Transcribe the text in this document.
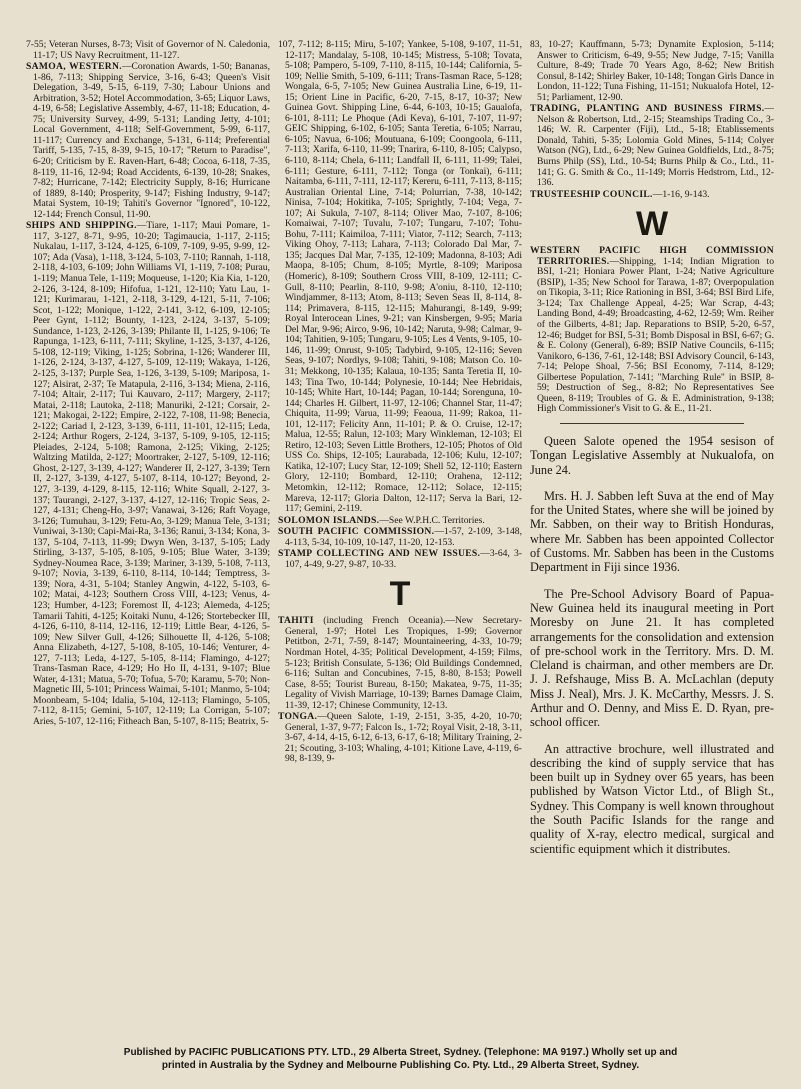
7-55; Veteran Nurses, 8-73; Visit of Governor of N. Caledonia, 11-17; US Navy Recruitment, 11-127.

SAMOA, WESTERN.—Coronation Awards, 1-50; Bananas, 1-86, 7-113; Shipping Service, 3-16, 6-43; Queen's Visit Delegation, 3-49, 5-15, 6-119, 7-30; Labour Unions and Arbitration, 3-52; Hotel Accommodation, 3-65; Liquor Laws, 4-19, 6-58; Legislative Assembly, 4-67, 11-18; Education, 4-75; University Survey, 4-99, 5-131; Landing Jetty, 4-101; Local Government, 4-118; Self-Government, 5-99, 6-117, 11-117; Currency and Exchange, 5-131, 6-114; Preferential Tariff, 5-135, 7-15, 8-39, 9-15, 10-17; "Return to Paradise", 6-20; Criticism by E. Raven-Hart, 6-48; Cocoa, 6-118, 7-35, 8-119, 11-16, 12-94; Road Accidents, 6-139, 10-28; Snakes, 7-82; Hurricane, 7-142; Electricity Supply, 8-16; Hurricane of 1889, 8-140; Prosperity, 9-147; Fishing Industry, 9-147; Matai System, 10-19; Tahiti's Governor "Ignored", 10-122, 12-144; French Consul, 11-90.

SHIPS AND SHIPPING.—Tiare, 1-117; Maui Pomare, 1-117, 3-127, 8-71, 9-95, 10-20; Tagimaucia, 1-117, 2-115; Nukalau, 1-117, 3-124, 4-125, 6-109, 7-109, 9-95, 9-99, 12-107; Ada (Vasa), 1-118, 3-124, 5-103, 7-110; Rannah, 1-118, 2-118, 4-103, 6-109; John Williams VI, 1-119, 7-108; Purau, 1-119; Manua Tele, 1-119; Moqueuse, 1-120; Kia Kia, 1-120, 2-126, 3-124, 8-109; Hifofua, 1-121, 12-110; Yatu Lau, 1-121; Kurimarau, 1-121, 2-118, 3-129, 4-121, 5-11, 7-106; Scot, 1-122; Monique, 1-122, 2-141, 3-12, 6-109, 12-105; Peer Gynt, 1-112; Bounty, 1-123, 2-124, 3-137, 5-109; Sundance, 1-123, 2-126, 3-139; Philante II, 1-125, 9-106; Te Rapunga, 1-123, 6-111, 7-111; Skyline, 1-125, 3-137, 4-126, 5-108, 12-119; Viking, 1-125; Sobrina, 1-126; Wanderer III, 1-126, 2-124, 3-137, 4-127, 5-109, 12-119; Wakaya, 1-126, 2-125, 3-137; Purple Sea, 1-126, 3-139, 5-109; Mariposa, 1-127; Alsirat, 2-37; Te Matapula, 2-116, 3-134; Miena, 2-116, 7-104; Altair, 2-117; Tui Kauvaro, 2-117; Margery, 2-117; Matai, 2-118; Lautoka, 2-118; Manuriki, 2-121; Corsair, 2-121; Makogai, 2-122; Empire, 2-122, 7-108, 11-98; Benecia, 2-122; Cariad I, 2-123, 3-139, 6-111, 11-101, 12-115; Leda, 2-124; Arthur Rogers, 2-124, 3-137, 5-109, 9-105, 12-115; Pleiades, 2-124, 5-108; Ramona, 2-125; Viking, 2-125; Waltzing Matilda, 2-127; Moortraker, 2-127, 5-109, 12-116; Ghost, 2-127, 3-139, 4-127; Wanderer II, 2-127, 3-139; Tern II, 2-127, 3-139, 4-127, 5-107, 8-114, 10-127; Beyond, 2-127, 3-139, 4-129, 8-115, 12-116; White Squall, 2-127, 3-137; Taurangi, 2-127, 3-137, 4-127, 12-116; Tropic Seas, 2-127, 4-131; Cheng-Ho, 3-97; Vanawai, 3-126; Raft Voyage, 3-126; Tumuhau, 3-129; Fetu-Ao, 3-129; Manua Tele, 3-131; Vuniwai, 3-130; Capi-Mai-Ra, 3-136; Ranui, 3-134; Kona, 3-137, 5-104, 7-113, 11-99; Dwyn Wen, 3-137, 5-105; Lady Stirling, 3-137, 5-105, 8-105, 9-105; Blue Water, 3-139; Sydney-Noumea Race, 3-139; Mariner, 3-139, 5-108, 7-113, 9-107; Novia, 3-139, 6-110, 8-114, 10-144; Temptress, 3-139; Nora, 4-31, 5-104; Stanley Angwin, 4-122, 5-103, 6-102; Matai, 4-123; Southern Cross VIII, 4-123; Venus, 4-123; Humber, 4-123; Foremost II, 4-123; Alemeda, 4-125; Tamarii Tahiti, 4-125; Koitaki Nunu, 4-126; Stortebecker III, 4-126, 6-110, 8-114, 12-116, 12-119; Little Bear, 4-126, 5-109; New Silver Gull, 4-126; Silhouette II, 4-126, 5-108; Anna Elizabeth, 4-127, 5-108, 8-105, 10-146; Venturer, 4-127, 7-113; Leda, 4-127, 5-105, 8-114; Flamingo, 4-127; Trans-Tasman Race, 4-129; Ho Ho II, 4-131, 9-107; Blue Water, 4-131; Matua, 5-70; Tofua, 5-70; Karamu, 5-70; Non-Magnetic III, 5-101; Princess Waimai, 5-101; Manmo, 5-104; Moonbeam, 5-104; Idalia, 5-104, 12-113; Flamingo, 5-105, 7-112, 8-115; Gemini, 5-107, 12-119; La Corrigan, 5-107; Aries, 5-107, 12-116; Fitheach Ban, 5-107, 8-115; Beatrix, 5-

107, 7-112; 8-115; Miru, 5-107; Yankee, 5-108, 9-107, 11-51, 12-117; Mandalay, 5-108, 10-145; Mistress, 5-108; Tovata, 5-108; Pampero, 5-109, 7-110, 8-115, 10-144; California, 5-109; Nellie Smith, 5-109, 6-111; Trans-Tasman Race, 5-128; Wongala, 6-5, 7-105; New Guinea Australia Line, 6-19, 11-15; Orient Line in Pacific, 6-20, 7-15, 8-17, 10-37; New Guinea Govt. Shipping Line, 6-44, 6-103, 10-15; Gaualofa, 6-101, 8-111; Le Phoque (Adi Keva), 6-101, 7-107, 11-97; GEIC Shipping, 6-102, 6-105; Santa Teretia, 6-105; Narrau, 6-105; Navua, 6-106; Moutuana, 6-109; Coongoola, 6-111, 7-113; Xarifa, 6-110, 11-99; Tnarira, 6-110, 8-105; Calypso, 6-110, 8-114; Chela, 6-111; Landfall II, 6-111, 11-99; Talei, 6-111; Gesture, 6-111, 7-112; Tonga (or Tonkai), 6-111; Naitamba, 6-111, 7-111, 12-117; Kereru, 6-111, 7-113, 8-115; Australian Oriental Line, 7-14; Polurrian, 7-38, 10-142; Ninisa, 7-104; Hokitika, 7-105; Sprightly, 7-104; Vega, 7-107; Ai Sukula, 7-107, 8-114; Oliver Mao, 7-107, 8-106; Komaiwai, 7-107; Tuvalu, 7-107; Tungaru, 7-107; Tohu-Bohu, 7-111; Kaimiloa, 7-111; Viator, 7-112; Search, 7-113; Viking Ohoy, 7-113; Lahara, 7-113; Colorado Dal Mar, 7-135; Jacques Dal Mar, 7-135, 12-109; Madonna, 8-103; Adi Maopa, 8-105; Chum, 8-105; Myrtle, 8-109; Mariposa (Homeric), 8-109; Southern Cross VIII, 8-109, 12-111; C-Gull, 8-110; Pearlin, 8-110, 9-98; A'oniu, 8-110, 12-110; Windjammer, 8-113; Atom, 8-113; Seven Seas II, 8-114, 8-114; Primavera, 8-115, 12-115; Mahurangi, 8-149, 9-99; Royal Interocean Lines, 9-21; van Kinsbergen, 9-95; Maria Del Mar, 9-96; Airco, 9-96, 10-142; Naruta, 9-98; Calmar, 9-104; Tahitien, 9-105; Tungaru, 9-105; Les 4 Vents, 9-105, 10-146, 11-99; Onrust, 9-105; Tadybird, 9-105, 12-116; Seven Seas, 9-107; Nordlys, 9-108; Tahiti, 9-108; Matson Co. 10-31; Mekkong, 10-135; Kalaua, 10-135; Santa Teretia II, 10-143; Tina Two, 10-144; Polynesie, 10-144; Nee Hebridais, 10-145; White Hart, 10-144; Pagan, 10-144; Sorenguna, 10-144; Charles H. Gilbert, 11-97, 12-106; Channel Star, 11-47; Chiquita, 11-99; Varua, 11-99; Feaoua, 11-99; Rakoa, 11-101, 12-117; Felicity Ann, 11-101; P. & O. Cruise, 12-17; Malua, 12-55; Ralun, 12-103; Mary Winkleman, 12-103; El Retiro, 12-103; Seven Little Brothers, 12-105; Photos of Old USS Co. Ships, 12-105; Laurabada, 12-106; Kulu, 12-107; Katika, 12-107; Lucy Star, 12-109; Shell 52, 12-110; Eastern Glory, 12-110; Bombard, 12-110; Orahena, 12-112; Metomkin, 12-112; Romace, 12-112; Solace, 12-115; Mareva, 12-117; Gloria Dalton, 12-117; Serva la Bari, 12-117; Gemini, 2-119.

SOLOMON ISLANDS.—See W.P.H.C. Territories.

SOUTH PACIFIC COMMISSION.—1-57, 2-109, 3-148, 4-113, 5-34, 10-109, 10-147, 11-20, 12-153.

STAMP COLLECTING AND NEW ISSUES.—3-64, 3-107, 4-49, 9-27, 9-87, 10-33.

T

TAHITI (including French Oceania).—New Secretary-General, 1-97; Hotel Les Tropiques, 1-99; Governor Petitbon, 2-71, 7-59, 8-147; Mountaineering, 4-33, 10-79; Nordman Hotel, 4-35; Political Development, 4-159; Films, 5-123; British Consulate, 5-136; Old Buildings Condemned, 6-116; Sultan and Concubines, 7-15, 8-80, 8-153; Powell Case, 8-55; Tourist Bureau, 8-150; Makatea, 9-75, 11-35; Legality of Vivish Marriage, 10-139; Barnes Damage Claim, 11-39, 12-17; Chinese Community, 12-13.

TONGA.—Queen Salote, 1-19, 2-151, 3-35, 4-20, 10-70; General, 1-37, 9-77; Falcon Is., 1-72; Royal Visit, 2-18, 3-11, 3-67, 4-14, 4-15, 6-12, 6-13, 6-17, 6-18; Military Training, 2-21; Scouting, 3-103; Whaling, 4-101; Kitione Lave, 4-119, 6-98, 8-139, 9-

83, 10-27; Kauffmann, 5-73; Dynamite Explosion, 5-114; Answer to Criticism, 6-49, 9-55; New Judge, 7-15; Vanilla Culture, 8-49; Trade 70 Years Ago, 8-62; New British Consul, 8-142; Shirley Baker, 10-148; Tongan Girls Dance in London, 11-122; Tuna Fishing, 11-151; Nukualofa Hotel, 12-51; Parliament, 12-90.

TRADING, PLANTING AND BUSINESS FIRMS.—Nelson & Robertson, Ltd., 2-15; Steamships Trading Co., 3-146; W. R. Carpenter (Fiji), Ltd., 5-18; Etablissements Donald, Tahiti, 5-35; Lolomia Gold Mines, 5-114; Colyer Watson (NG), Ltd., 6-29; New Guinea Goldfields, Ltd., 8-75; Burns Philp (SS), Ltd., 10-54; Burns Philp & Co., Ltd., 11-141; G. G. Smith & Co., 11-149; Morris Hedstrom, Ltd., 12-136.

TRUSTEESHIP COUNCIL.—1-16, 9-143.

W

WESTERN PACIFIC HIGH COMMISSION TERRITORIES.—Shipping, 1-14; Indian Migration to BSI, 1-21; Honiara Power Plant, 1-24; Native Agriculture (BSIP), 1-35; New School for Tarawa, 1-87; Overpopulation on Tikopia, 3-11; Rice Rationing in BSI, 3-64; BSI Bird Life, 3-124; Tax Challenge Appeal, 4-25; War Scrap, 4-43; Landing Bond, 4-49; Broadcasting, 4-62, 12-59; Wm. Reiher of the Gilberts, 4-81; Jap. Reparations to BSIP, 5-20, 6-57, 12-46; Budget for BSI, 5-31; Bomb Disposal in BSI, 6-67; G. & E. Colony (General), 6-89; BSIP Native Councils, 6-115; Vanikoro, 6-136, 7-61, 12-148; BSI Advisory Council, 6-143, 7-14; Pelope Shoal, 7-56; BSI Economy, 7-114, 8-129; Gilbertese Population, 7-141; "Marching Rule" in BSIP, 8-59; Destruction of Seg., 8-82; No Representatives See Queen, 8-119; Troubles of G. & E. Administration, 9-138; High Commissioner's Visit to G. & E., 11-21.

Queen Salote opened the 1954 sesison of Tongan Legislative Assembly at Nukualofa, on June 24.

Mrs. H. J. Sabben left Suva at the end of May for the United States, where she will be joined by Mr. Sabben, on their way to British Honduras, where Mr. Sabben has been appointed Collector of Customs. Mr. Sabben has been in the Customs Department in Fiji since 1936.

The Pre-School Advisory Board of Papua-New Guinea held its inaugural meeting in Port Moresby on June 21. It has completed arrangements for the consolidation and extension of pre-school work in the Territory. Mrs. D. M. Cleland is chairman, and other members are Dr. J. J. Refshauge, Miss B. A. McLachlan (deputy Miss J. Neal), Mrs. J. K. McCarthy, Messrs. J. S. Arthur and O. Denny, and Miss E. D. Ryan, pre-school officer.

An attractive brochure, well illustrated and describing the kind of supply service that has been built up in Sydney over 65 years, has been published by Watson Victor Ltd., of Bligh St., Sydney. This Company is well known throughout the South Pacific Islands for the range and quality of X-ray, electro medical, surgical and scientific equipment which it distributes.

Published by PACIFIC PUBLICATIONS PTY. LTD., 29 Alberta Street, Sydney. (Telephone: MA 9197.) Wholly set up and
printed in Australia by the Sydney and Melbourne Publishing Co. Pty. Ltd., 29 Alberta Street, Sydney.
